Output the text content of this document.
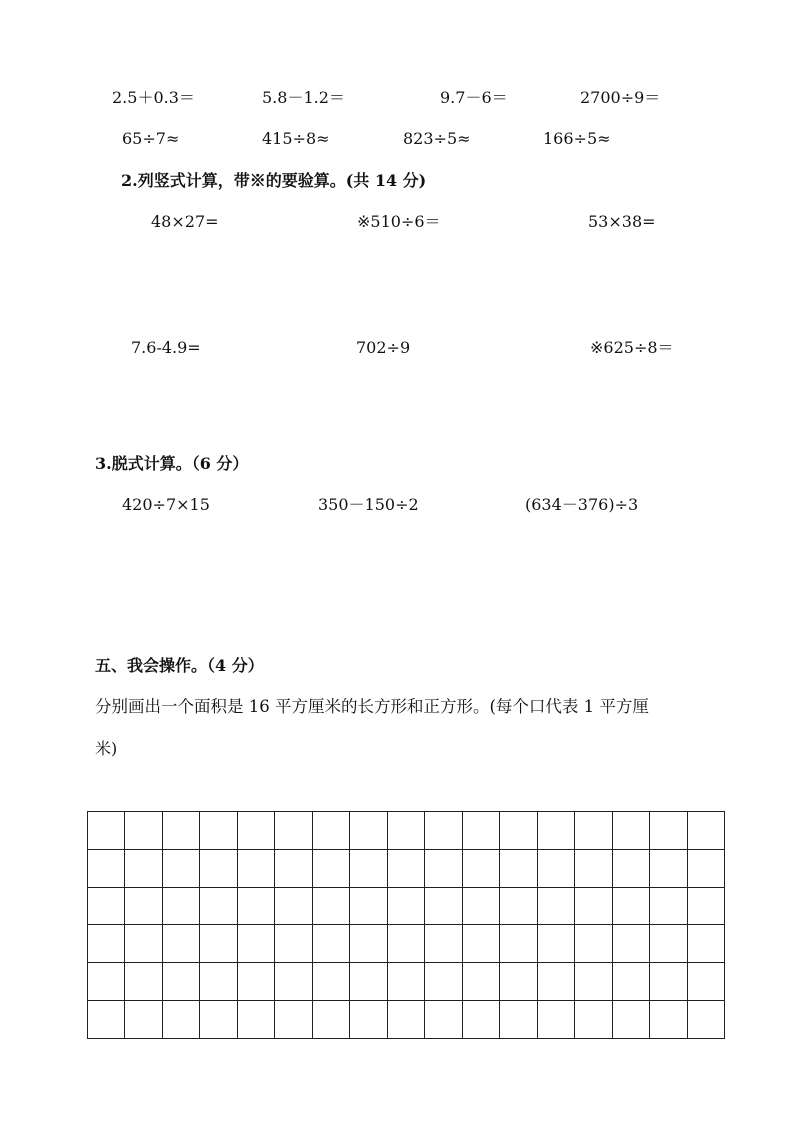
2.5＋0.3＝	5.8－1.2＝	9.7－6＝	2700÷9＝
65÷7≈	415÷8≈	823÷5≈	166÷5≈
2.列竖式计算，带※的要验算。(共 14 分)
48×27=	※510÷6＝	53×38=
7.6-4.9=	702÷9	※625÷8＝
3.脱式计算。（6 分）
420÷7×15	350－150÷2	(634－376)÷3
五、我会操作。（4 分）
分别画出一个面积是 16 平方厘米的长方形和正方形。(每个口代表 1 平方厘
米)
